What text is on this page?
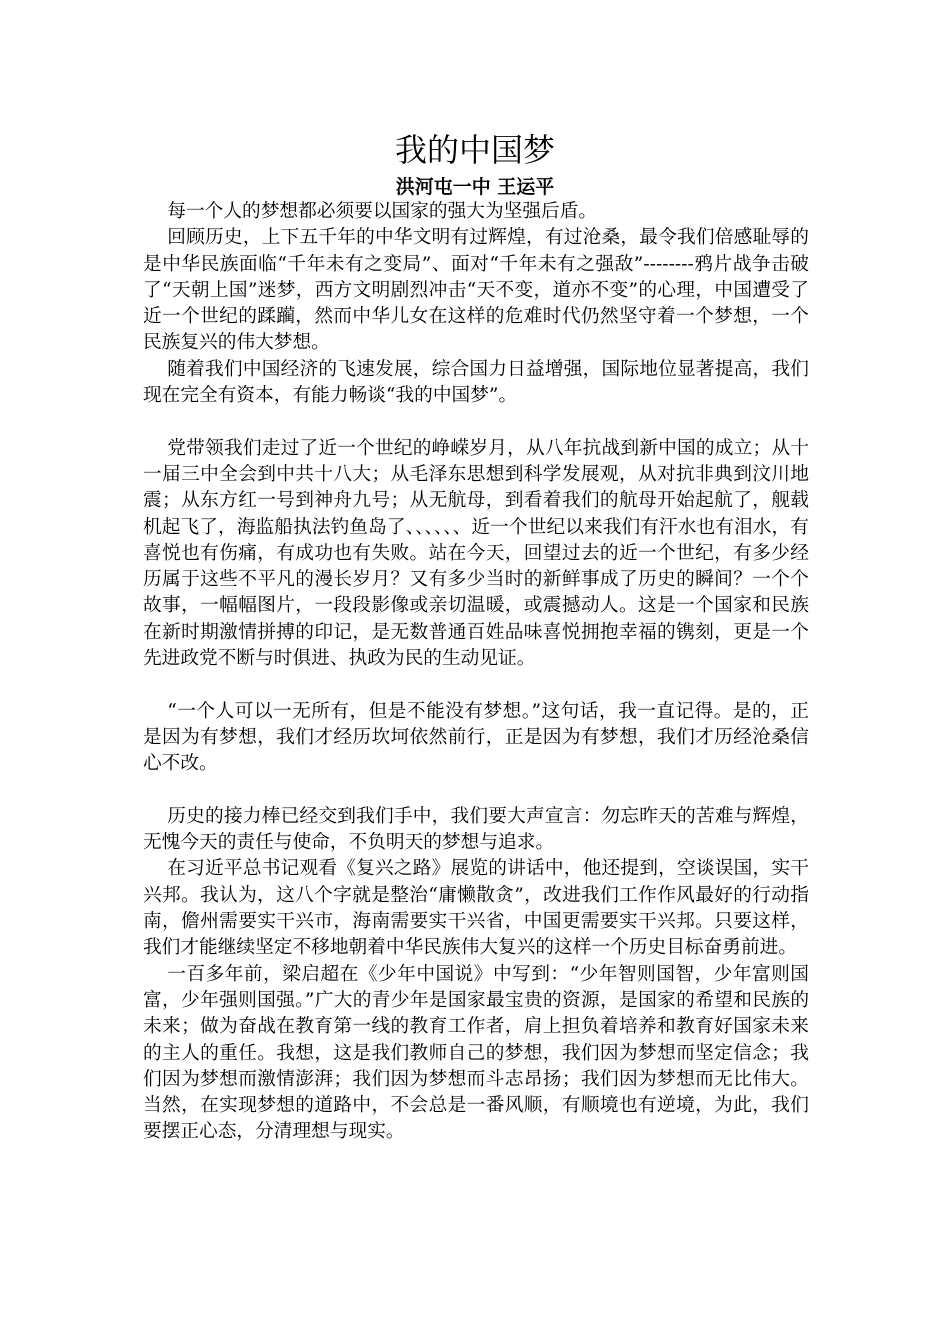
我的中国梦
洪河屯一中 王运平

每一个人的梦想都必须要以国家的强大为坚强后盾。

回顾历史，上下五千年的中华文明有过辉煌，有过沧桑，最令我们倍感耻辱的是中华民族面临“千年未有之变局”、面对“千年未有之强敌”--------鸦片战争击破了“天朝上国”迷梦，西方文明剧烈冲击“天不变，道亦不变”的心理，中国遭受了近一个世纪的蹂躏，然而中华儿女在这样的危难时代仍然坚守着一个梦想，一个民族复兴的伟大梦想。

随着我们中国经济的飞速发展，综合国力日益增强，国际地位显著提高，我们现在完全有资本，有能力畅谈“我的中国梦”。

党带领我们走过了近一个世纪的峥嵘岁月，从八年抗战到新中国的成立；从十一届三中全会到中共十八大；从毛泽东思想到科学发展观，从对抗非典到汶川地震；从东方红一号到神舟九号；从无航母，到看着我们的航母开始起航了，舰载机起飞了，海监船执法钓鱼岛了、、、、、、近一个世纪以来我们有汗水也有泪水，有喜悦也有伤痛，有成功也有失败。站在今天，回望过去的近一个世纪，有多少经历属于这些不平凡的漫长岁月？又有多少当时的新鲜事成了历史的瞬间？一个个故事，一幅幅图片，一段段影像或亲切温暖，或震撼动人。这是一个国家和民族在新时期激情拼搏的印记，是无数普通百姓品味喜悦拥抱幸福的镌刻，更是一个先进政党不断与时俱进、执政为民的生动见证。

“一个人可以一无所有，但是不能没有梦想。”这句话，我一直记得。是的，正是因为有梦想，我们才经历坎坷依然前行，正是因为有梦想，我们才历经沧桑信心不改。

历史的接力棒已经交到我们手中，我们要大声宣言：勿忘昨天的苦难与辉煌，无愧今天的责任与使命，不负明天的梦想与追求。

在习近平总书记观看《复兴之路》展览的讲话中，他还提到，空谈误国，实干兴邦。我认为，这八个字就是整治“庸懒散贪”，改进我们工作作风最好的行动指南，儋州需要实干兴市，海南需要实干兴省，中国更需要实干兴邦。只要这样，我们才能继续坚定不移地朝着中华民族伟大复兴的这样一个历史目标奋勇前进。

一百多年前，梁启超在《少年中国说》中写到：“少年智则国智，少年富则国富，少年强则国强。”广大的青少年是国家最宝贵的资源，是国家的希望和民族的未来；做为奋战在教育第一线的教育工作者，肩上担负着培养和教育好国家未来的主人的重任。我想，这是我们教师自己的梦想，我们因为梦想而坚定信念；我们因为梦想而激情澎湃；我们因为梦想而斗志昂扬；我们因为梦想而无比伟大。当然，在实现梦想的道路中，不会总是一番风顺，有顺境也有逆境，为此，我们要摆正心态，分清理想与现实。
